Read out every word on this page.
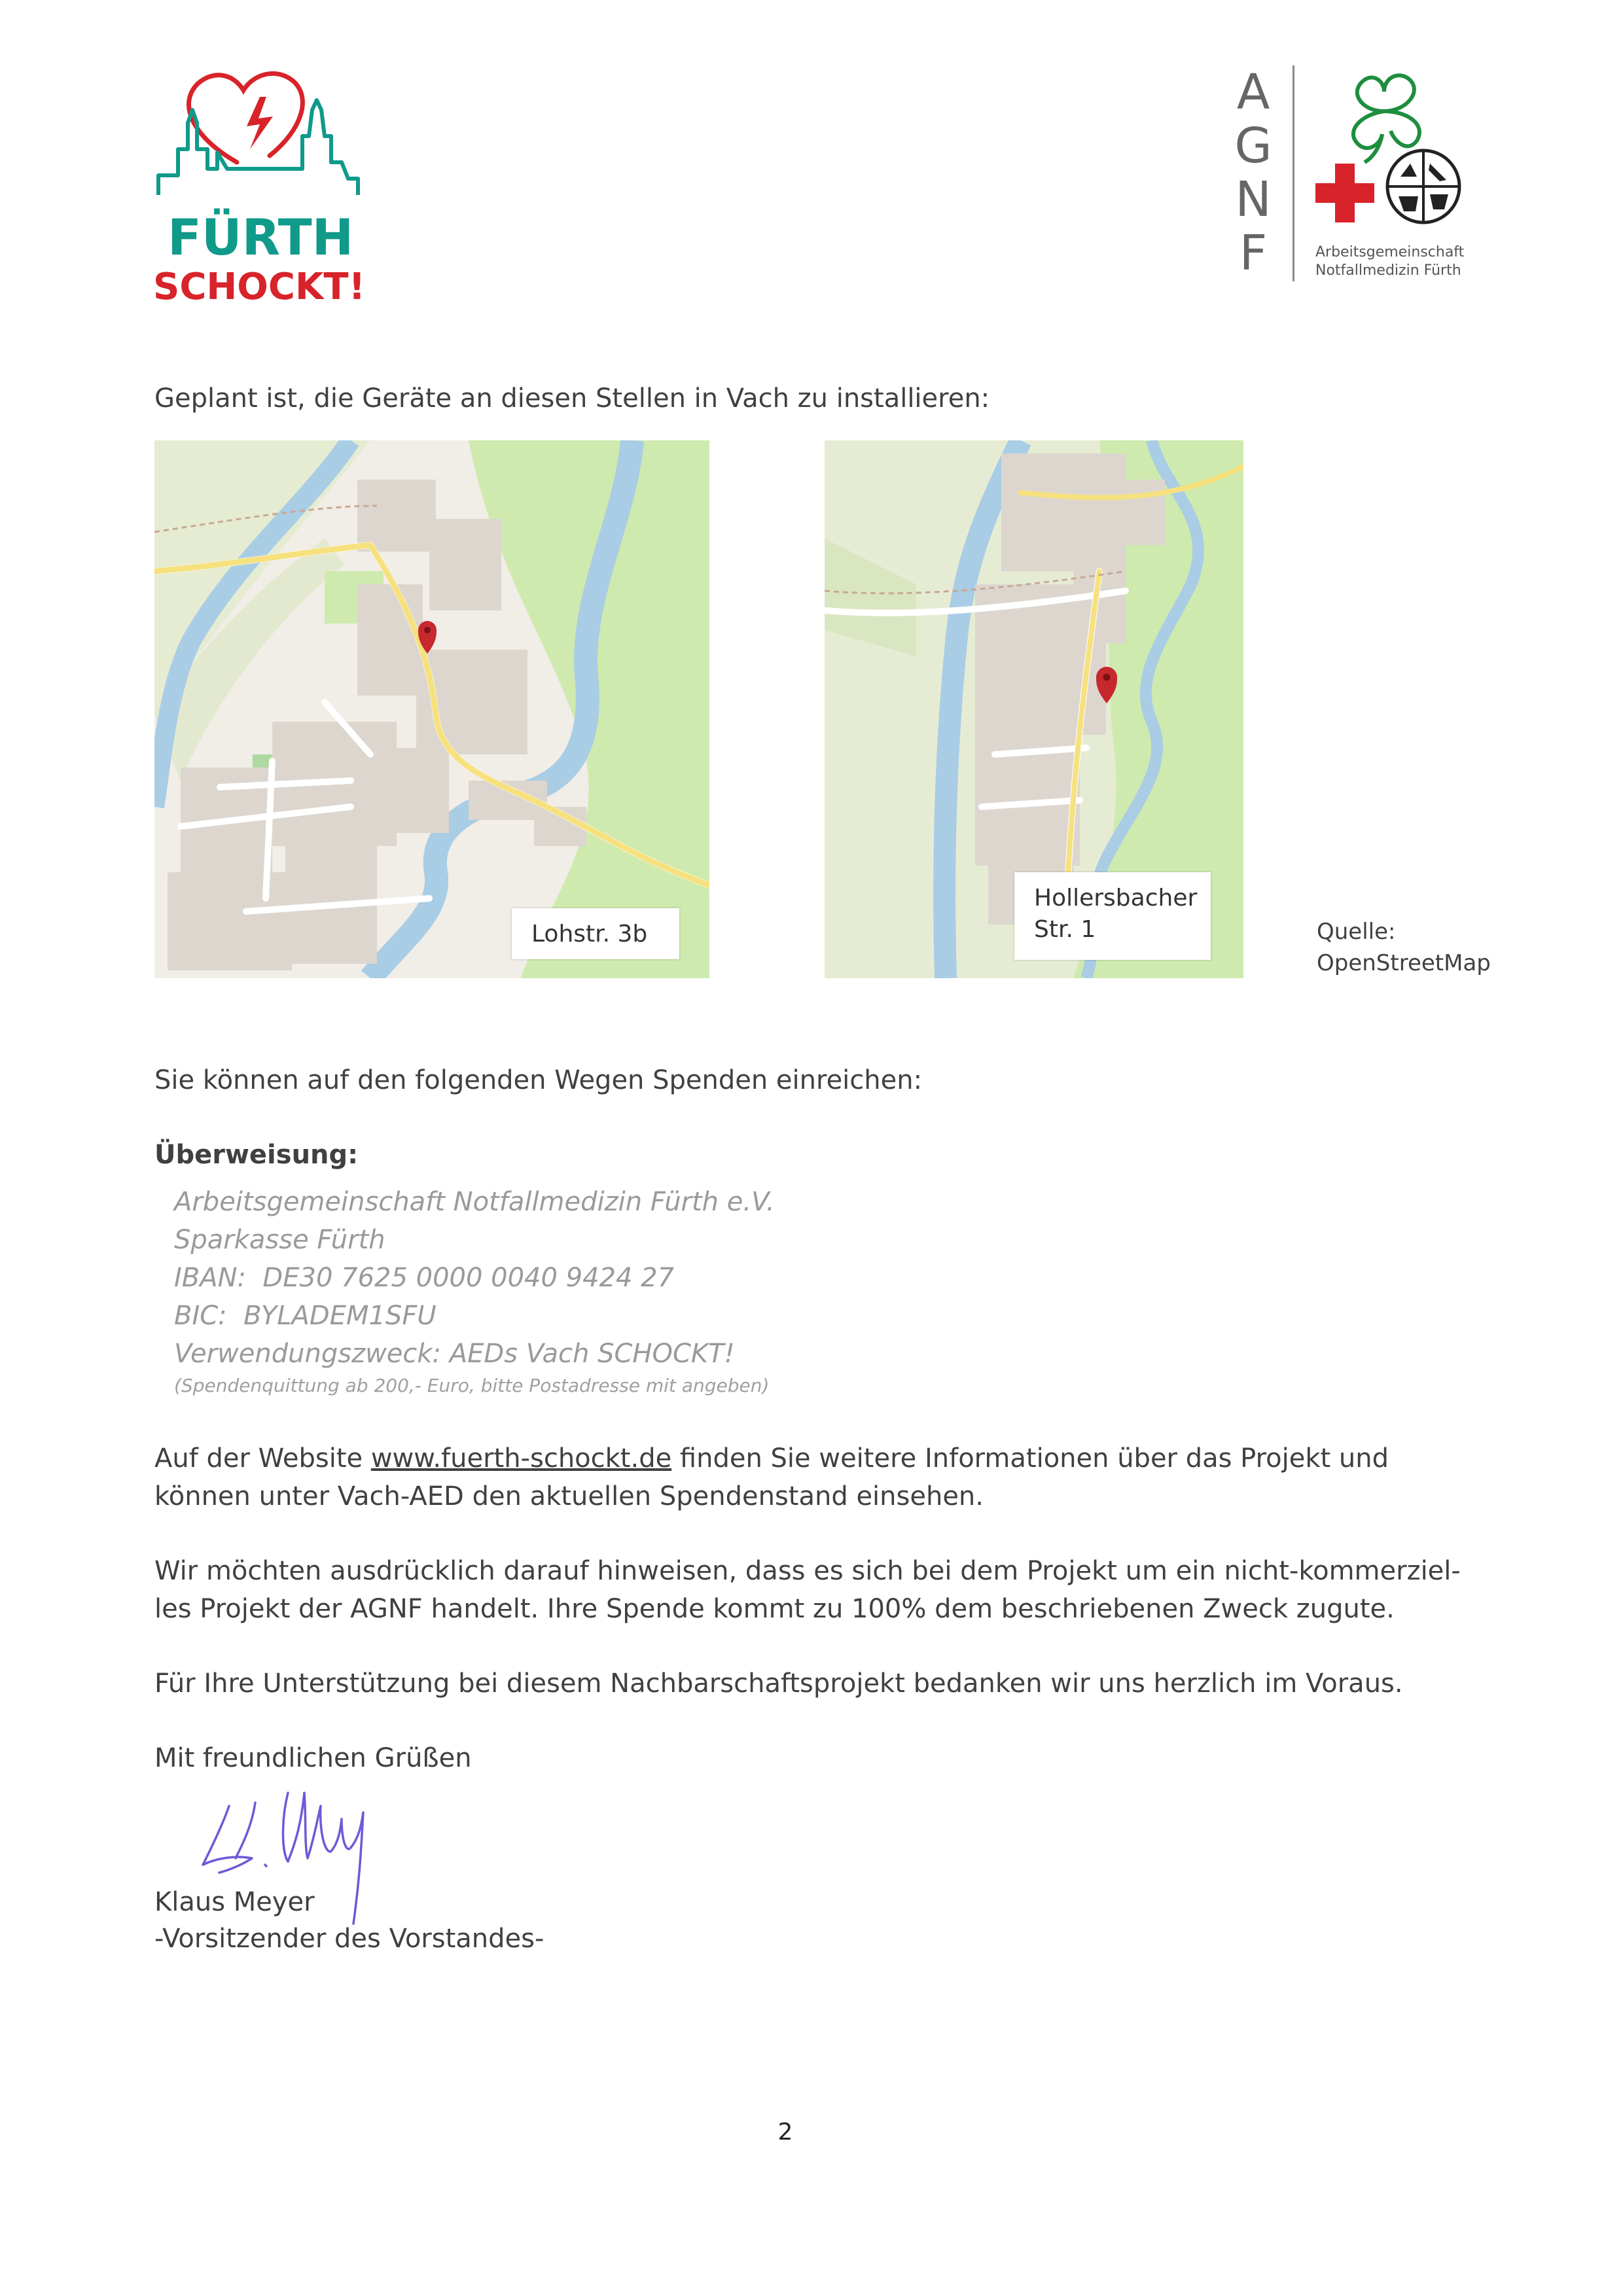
FÜRTH
SCHOCKT!
A
G
N
F	Arbeitsgemeinschaft
Notfallmedizin Fürth
Geplant ist, die Geräte an diesen Stellen in Vach zu installieren:
Lohstr. 3b
Hollersbacher Str. 1	Quelle:
OpenStreetMap
Sie können auf den folgenden Wegen Spenden einreichen:
Überweisung:
Arbeitsgemeinschaft Notfallmedizin Fürth e.V.
Sparkasse Fürth
IBAN:  DE30 7625 0000 0040 9424 27
BIC:  BYLADEM1SFU
Verwendungszweck: AEDs Vach SCHOCKT!
(Spendenquittung ab 200,- Euro, bitte Postadresse mit angeben)
Auf der Website www.fuerth-schockt.de finden Sie weitere Informationen über das Projekt und
können unter Vach-AED den aktuellen Spendenstand einsehen.
Wir möchten ausdrücklich darauf hinweisen, dass es sich bei dem Projekt um ein nicht-kommerziel-
les Projekt der AGNF handelt. Ihre Spende kommt zu 100% dem beschriebenen Zweck zugute.
Für Ihre Unterstützung bei diesem Nachbarschaftsprojekt bedanken wir uns herzlich im Voraus.
Mit freundlichen Grüßen
Klaus Meyer
-Vorsitzender des Vorstandes-
2
